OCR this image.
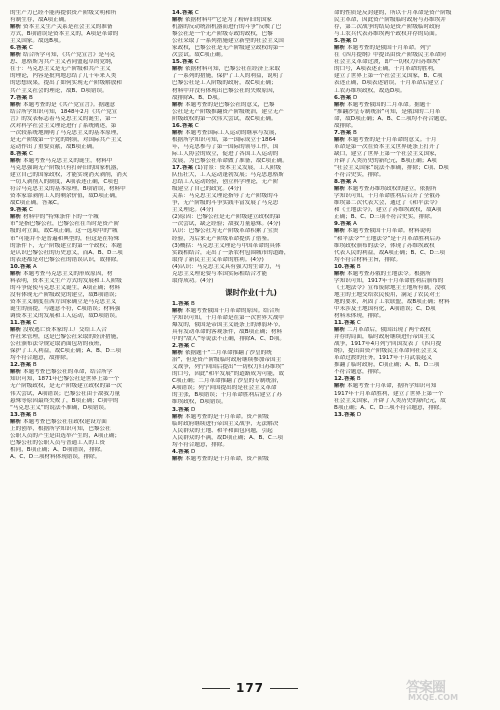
的生产力已经不能再提供资产阶级文明和所
有制生存，故A项正确。
解析 资本主义生产关系是社会主义的准备
方式，B项错误是资本主义的，A项是革命的
主义国家。故选B项。
6.答案 C
解析 结合所学可知，《共产党宣言》是马克
思、恩格斯为共产主义者同盟起草的党纲，
在于：马克思主义是无产阶级和共产主义
的理论，内容是批判地总结了几千年来人类
的思想成果，提出了如何实现无产阶级解放和
共产主义社会的理论，故B、D项错误。
7.答案 B
解析 本题考查的是《共产党宣言》。据题意
结合所学知识可知，1848年2月《共产党宣
言》的发表标志着马克思主义的诞生，第一
次对科学社会主义理论进行了系统阐述，第
一次较系统地阐明了马克思主义的基本原理，
是无产阶级第一个党的纲领，对国际共产主义
运动作出了重要贡献，故B项正确。
8.答案 C
解析 本题考查马克思主义的诞生，材料中
马克思强调无产阶级只有打碎旧的国家机器，
建立自己的国家政权，才能实现消灭剥削，消灭
一切人剥削人的制度，A项表述正确，C项也
符合马克思主义的基本原理，B项错误，材料中
资本家靠剥削工人的剩余价值，故D项正确，
故C项正确。答案C。
9.答案 C
解析 材料中的“特殊条件下的一个城
市”是指巴黎公社，巴黎公社在当时是资产阶
级的对立面，故C项正确。这一选项中的“城
市”可能并不是普遍和典型的，但这是在特殊
的条件下，无产阶级建立的第一个政权；本题
是认识巴黎公社的历史意义，而A、B、D三项
的表述都是对巴黎公社的错误认识，故排除。
10.答案 A
解析 本题考查马克思主义的形成原因，材
料表明，资本主义生产方式的发展和工人阶级
的斗争促使马克思主义诞生，A项正确；材料
没有体现无产阶级政党的建立，故B项错误；
资本主义制度在西方国家确立是马克思主义
诞生的前提，与题意不符，C项错误；材料强
调资本主义的发展和工人运动，故D项错误。
11.答案 C
解析 没收逃亡资本家的工厂交给工人合
作社来管理，这是巴黎公社采取的经济措施，
公社颁布法令规定取消面包坊的夜班，
保护了工人利益，故C项正确；A、B、D三项
均不符合题意，故排除。
12.答案 B
解析 本题考查巴黎公社的革命，结合所学
知识可知，1871年巴黎公社是世界上第一个
无产阶级政权，是无产阶级建立政权的第一次
伟大尝试，A项错误；巴黎公社由于敌我力量
悬殊等原因最终失败了，B项正确；C项中的
“马克思主义”的说法不准确，D项错误。
13.答案 B
解析 本题考查巴黎公社在政权建设方面
上的创举，根据所学知识可知，巴黎公社
公职人员的产生是由选举产生的，A项正确；
巴黎公社的公职人员与普通工人的工资
相同，B项正确；A、D项错误，排除。
A、C、D三项材料体现错误，排除。
14.答案 C
解析 依据材料中“它是为了粉碎旧的国家
机器的反动统治机器而进行的斗争”反映了巴
黎公社是一个无产阶级专政的政权，巴黎
公社采取了一系列措施建立新型的社会主义国
家政权，巴黎公社是无产阶级建立政权的第一
次尝试。故C项正确。
15.答案 C
解析 依据材料可知，巴黎公社在经济上采取
了一系列的措施，保护了工人的利益，说明了
巴黎公社是工人阶级的政府，故C项正确；
材料中并没有体现出巴黎公社的失败原因，
故排除A、B、D项。
解析 本题考查的是巴黎公社的意义，巴黎
公社是无产阶级推翻资产阶级统治，建立无产
阶级政权的第一次伟大尝试，故C项正确。
16.答案 C
解析 本题考查国际工人运动的继承与发展，
根据所学知识可知，第一国际成立于1864
年，马克思参与了第一国际的领导工作，国
际工人协会的成立，促进了各国工人运动的
发展，为巴黎公社革命做了准备，故C项正确。
17.答案 (1)背景：资本主义发展，工人阶级
队伍壮大，工人运动蓬勃发展；马克思恩格斯
总结工人运动经验，创立科学理论，无产阶
级建立了自己的政党。(4分)
关系：马克思主义理论指导了无产阶级的斗
争，无产阶级的斗争实践丰富发展了马克思
主义理论。(4分)
(2)原因：巴黎公社是无产阶级建立政权的第
一次尝试，缺乏经验；敌我力量悬殊。(4分)
认识：巴黎公社为无产阶级革命积累了宝贵
经验，为后来无产阶级革命提供了借鉴。
(3)概括：马克思主义理论与中国革命的具体
实践相结合，走出了一条农村包围城市的道路，
取得了新民主主义革命的胜利。(4分)
(4)认识：马克思主义具有强大的生命力，马
克思主义理论要与本国实际相结合才能
取得成功。(4分)
课时作业(十九)
1.答案 B
解析 本题考查俄国十月革命的原因。结合所
学知识可知，十月革命是在第一次世界大战中
爆发的，俄国是帝国主义链条上的薄弱环节，
具有发动革命的客观条件，故B项正确；材料
中的“敌人”等说法不正确，排除A、C、D项。
2.答案 C
解析 依据题干“二月革命推翻了沙皇的统
治”，但是资产阶级临时政府继续参加帝国主
义战争，列宁回国后提出“一切权力归苏维埃”
的口号，因此“和平发展”的道路成为可能，故
C项正确；二月革命推翻了沙皇的专制统治，
A项错误；列宁回国提出的是社会主义革命
的主张，B项错误；十月革命胜利后建立了苏
维埃政权，D项错误。
3.答案 D
解析 本题考查的是十月革命。资产阶级
临时政府继续进行帝国主义战争，无法解决
人民群众的土地、和平和面包问题，引起
人民群众的不满，故D项正确；A、B、C三项
均不符合题意，排除。
4.答案 D
解析 本题考查的是十月革命，资产阶级
命的性质是反封建的，所以十月革命是资产阶级
民主革命，因此资产阶级临时政府与苏维埃并
存，第二次战争的结局是资产阶级临时政府
与工农兵代表苏维埃两个政权并存的局面。
5.答案 D
解析 本题考查的是俄国十月革命。列宁
在《四月提纲》中提出由资产阶级民主革命向
社会主义革命过渡，即“一切权力归苏维埃”
的口号，A项表述正确，十月革命的胜利，
建立了世界上第一个社会主义国家，B、C项
表述正确，D项表述错误，十月革命后建立了
工农苏维埃政权，故选D项。
6.答案 D
解析 本题考查俄国的二月革命。据题干
“推翻沙皇专制统治”可知，是俄国的二月革
命，故D项正确；A、B、C三项均不符合题意，
故排除。
7.答案 B
解析 本题考查的是十月革命的意义。十月
革命是第一次在资本主义世界链条上打开了
缺口，建立了世界上第一个社会主义国家，
开辟了人类历史的新纪元，B项正确；A项
“社会主义国家”说法不准确，排除；C项、D项
不符合史实，排除。
8.答案 A
解析 本题考查苏维埃政权的建立，依据所
学知识可知，十月革命胜利后召开了全俄苏
维埃第二次代表大会，通过了《和平法令》
和《土地法令》，建立了苏维埃政权，故A项
正确；B、C、D三项不符合史实，排除。
9.答案 A
解析 本题考查俄国十月革命。材料说明
“和平法令”“土地法令”是十月革命胜利后苏
维埃政权颁布的法令，体现了苏维埃政权
代表人民的利益，故A项正确；B、C、D三项
均不符合材料主旨，排除。
10.答案 B
解析 本题考查苏俄的土地法令。根据所
学知识可知，1917年十月革命胜利后颁布的
《土地法令》宣布废除地主土地所有制，没收
地主的土地交给农民使用，满足了农民对土
地的要求，巩固了工农联盟，故B项正确；材料
中未涉及土地国有化，A项错误；C、D项
材料未体现，排除。
11.答案 C
解析 二月革命后，俄国出现了两个政权
并存的局面，临时政府继续进行帝国主义
战争，1917年4月列宁回国发表了《四月提
纲》，提出由资产阶级民主革命向社会主义
革命过渡的任务，1917年十月武装起义
推翻了临时政府，C项正确；A、B、D三项
不符合题意，排除。
12.答案 B
解析 本题考查十月革命，据所学知识可知
1917年十月革命胜利，建立了世界上第一个
社会主义国家，开辟了人类历史的新纪元，故
B项正确；A、C、D三项不符合题意，排除。
13.答案 D
177	答案圈
MXQE.COM
